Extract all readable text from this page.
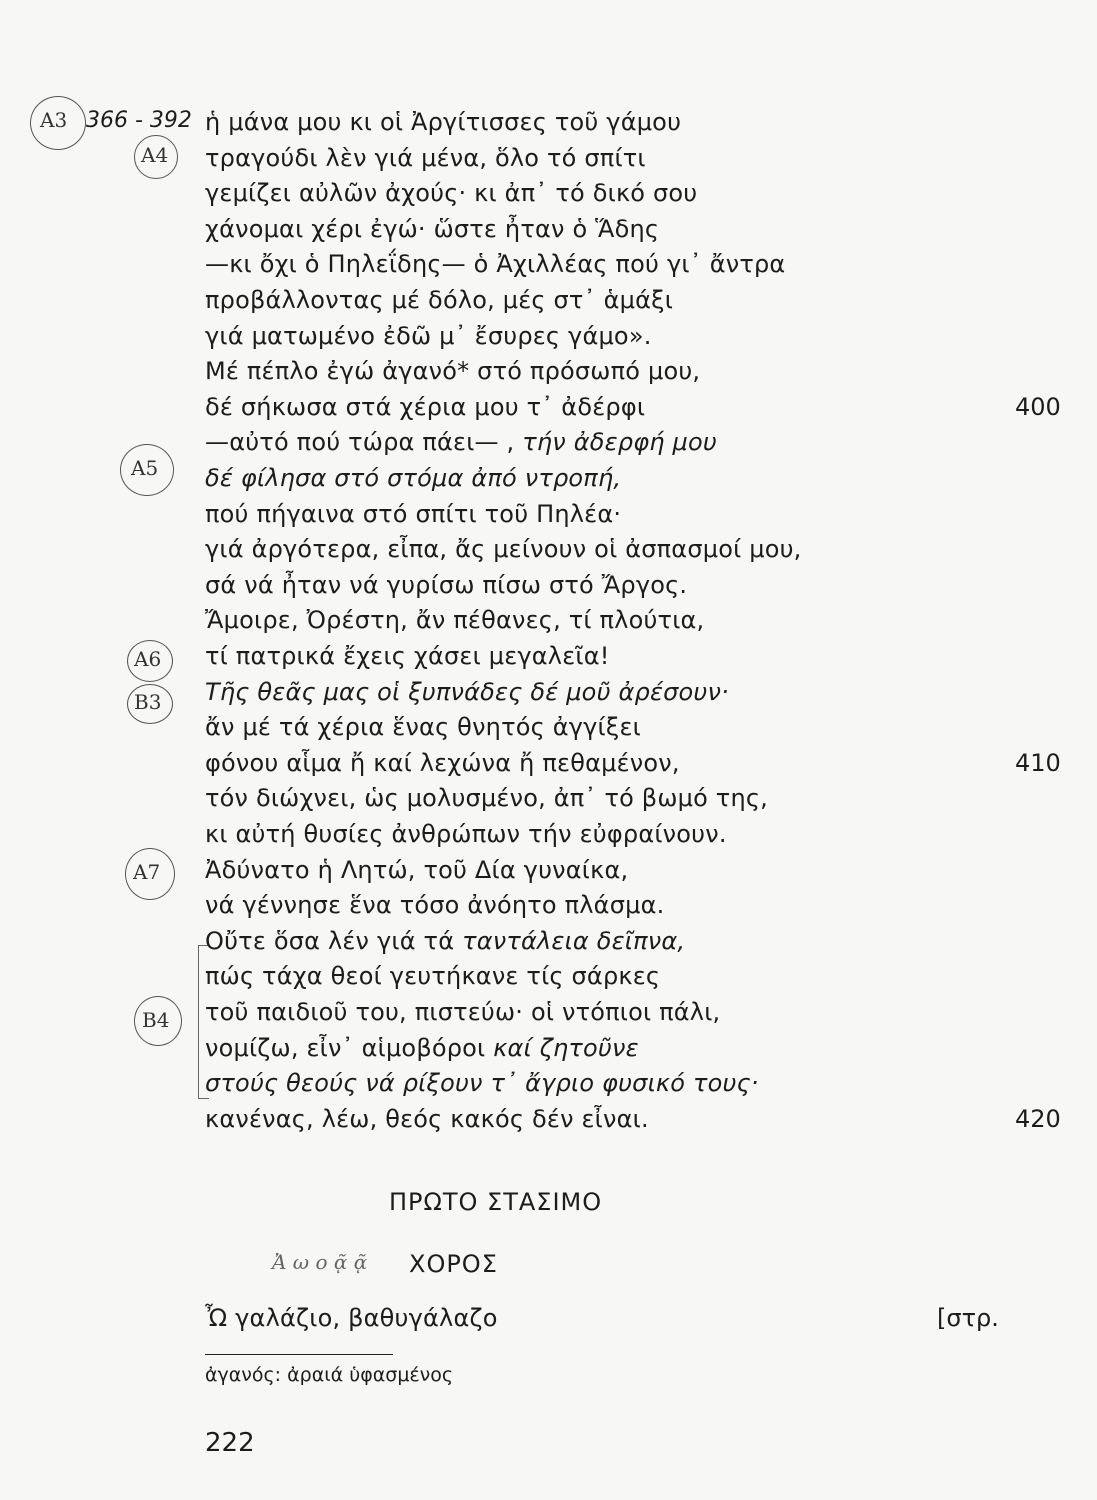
A3
A4
A5
A6
B3
A7
B4
366 - 392 ἡ μάνα μου κι οἱ Ἀργίτισσες τοῦ γάμου
τραγούδι λὲν γιά μένα, ὅλο τό σπίτι
γεμίζει αὐλῶν ἀχούς· κι ἀπ᾿ τό δικό σου
χάνομαι χέρι ἐγώ· ὥστε ἦταν ὁ Ἅδης
—κι ὄχι ὁ Πηλεΐδης— ὁ Ἀχιλλέας πού γι᾿ ἄντρα
προβάλλοντας μέ δόλο, μές στ᾿ ἁμάξι
γιά ματωμένο ἐδῶ μ᾿ ἔσυρες γάμο».
Μέ πέπλο ἐγώ ἀγανό* στό πρόσωπό μου,
δέ σήκωσα στά χέρια μου τ᾿ ἀδέρφι	400
—αὐτό πού τώρα πάει— , τήν ἀδερφή μου
δέ φίλησα στό στόμα ἀπό ντροπή,
πού πήγαινα στό σπίτι τοῦ Πηλέα·
γιά ἀργότερα, εἶπα, ἄς μείνουν οἱ ἀσπασμοί μου,
σά νά ἦταν νά γυρίσω πίσω στό Ἄργος.
Ἄμοιρε, Ὀρέστη, ἄν πέθανες, τί πλούτια,
τί πατρικά ἔχεις χάσει μεγαλεῖα!
Τῆς θεᾶς μας οἱ ξυπνάδες δέ μοῦ ἀρέσουν·
ἄν μέ τά χέρια ἕνας θνητός ἀγγίξει
φόνου αἷμα ἤ καί λεχώνα ἤ πεθαμένον,	410
τόν διώχνει, ὡς μολυσμένο, ἀπ᾿ τό βωμό της,
κι αὐτή θυσίες ἀνθρώπων τήν εὐφραίνουν.
Ἀδύνατο ἡ Λητώ, τοῦ Δία γυναίκα,
νά γέννησε ἕνα τόσο ἀνόητο πλάσμα.
Οὔτε ὅσα λέν γιά τά ταντάλεια δεῖπνα,
πώς τάχα θεοί γευτήκανε τίς σάρκες
τοῦ παιδιοῦ του, πιστεύω· οἱ ντόπιοι πάλι,
νομίζω, εἶν᾿ αἱμοβόροι καί ζητοῦνε
στούς θεούς νά ρίξουν τ᾿ ἄγριο φυσικό τους·
κανένας, λέω, θεός κακός δέν εἶναι.	420
ΠΡΩΤΟ ΣΤΑΣΙΜΟ
Ἀ ω ο ᾷ ᾷ ΧΟΡΟΣ
Ὦ γαλάζιο, βαθυγάλαζο	[στρ.
ἀγανός: ἀραιά ὑφασμένος
222
